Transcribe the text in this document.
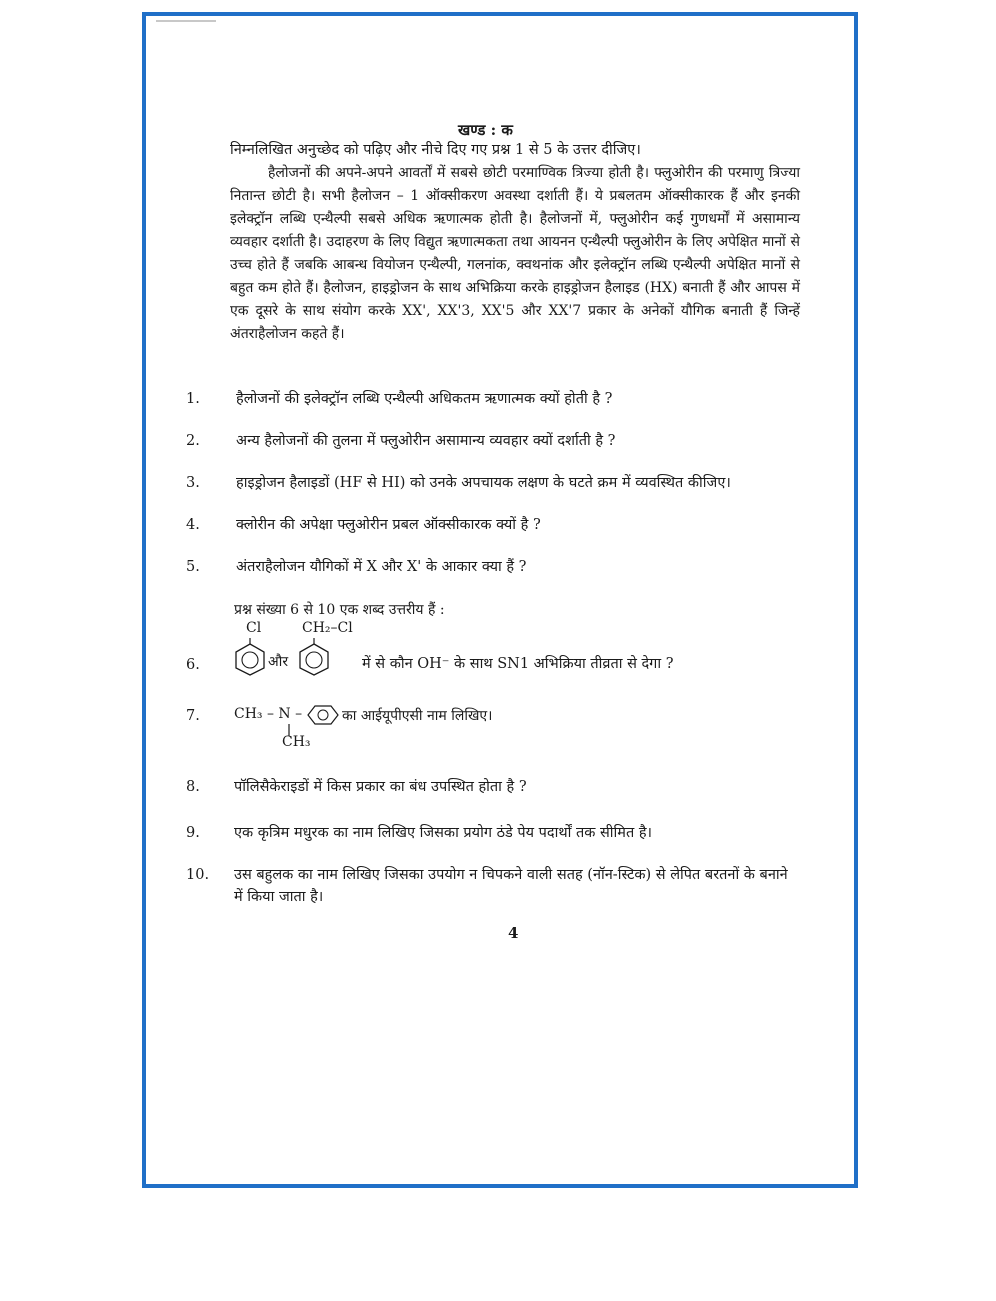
खण्ड : क
निम्नलिखित अनुच्छेद को पढ़िए और नीचे दिए गए प्रश्न 1 से 5 के उत्तर दीजिए।
हैलोजनों की अपने-अपने आवर्तों में सबसे छोटी परमाण्विक त्रिज्या होती है। फ्लुओरीन की परमाणु त्रिज्या नितान्त छोटी है। सभी हैलोजन – 1 ऑक्सीकरण अवस्था दर्शाती हैं। ये प्रबलतम ऑक्सीकारक हैं और इनकी इलेक्ट्रॉन लब्धि एन्थैल्पी सबसे अधिक ऋणात्मक होती है। हैलोजनों में, फ्लुओरीन कई गुणधर्मों में असामान्य व्यवहार दर्शाती है। उदाहरण के लिए विद्युत ऋणात्मकता तथा आयनन एन्थैल्पी फ्लुओरीन के लिए अपेक्षित मानों से उच्च होते हैं जबकि आबन्ध वियोजन एन्थैल्पी, गलनांक, क्वथनांक और इलेक्ट्रॉन लब्धि एन्थैल्पी अपेक्षित मानों से बहुत कम होते हैं। हैलोजन, हाइड्रोजन के साथ अभिक्रिया करके हाइड्रोजन हैलाइड (HX) बनाती हैं और आपस में एक दूसरे के साथ संयोग करके XX', XX'3, XX'5 और XX'7 प्रकार के अनेकों यौगिक बनाती हैं जिन्हें अंतराहैलोजन कहते हैं।
1.	हैलोजनों की इलेक्ट्रॉन लब्धि एन्थैल्पी अधिकतम ऋणात्मक क्यों होती है ?
2.	अन्य हैलोजनों की तुलना में फ्लुओरीन असामान्य व्यवहार क्यों दर्शाती है ?
3.	हाइड्रोजन हैलाइडों (HF से HI) को उनके अपचायक लक्षण के घटते क्रम में व्यवस्थित कीजिए।
4.	क्लोरीन की अपेक्षा फ्लुओरीन प्रबल ऑक्सीकारक क्यों है ?
5.	अंतराहैलोजन यौगिकों में X और X' के आकार क्या हैं ?
प्रश्न संख्या 6 से 10 एक शब्द उत्तरीय हैं :
6.
Cl
और
CH₂–Cl
में से कौन OH⁻ के साथ SN1 अभिक्रिया तीव्रता से देगा ?
7.	CH₃ – N –
CH₃
का आईयूपीएसी नाम लिखिए।
8.	पॉलिसैकेराइडों में किस प्रकार का बंध उपस्थित होता है ?
9.	एक कृत्रिम मधुरक का नाम लिखिए जिसका प्रयोग ठंडे पेय पदार्थों तक सीमित है।
10.	उस बहुलक का नाम लिखिए जिसका उपयोग न चिपकने वाली सतह (नॉन-स्टिक) से लेपित बरतनों के बनाने में किया जाता है।
4
